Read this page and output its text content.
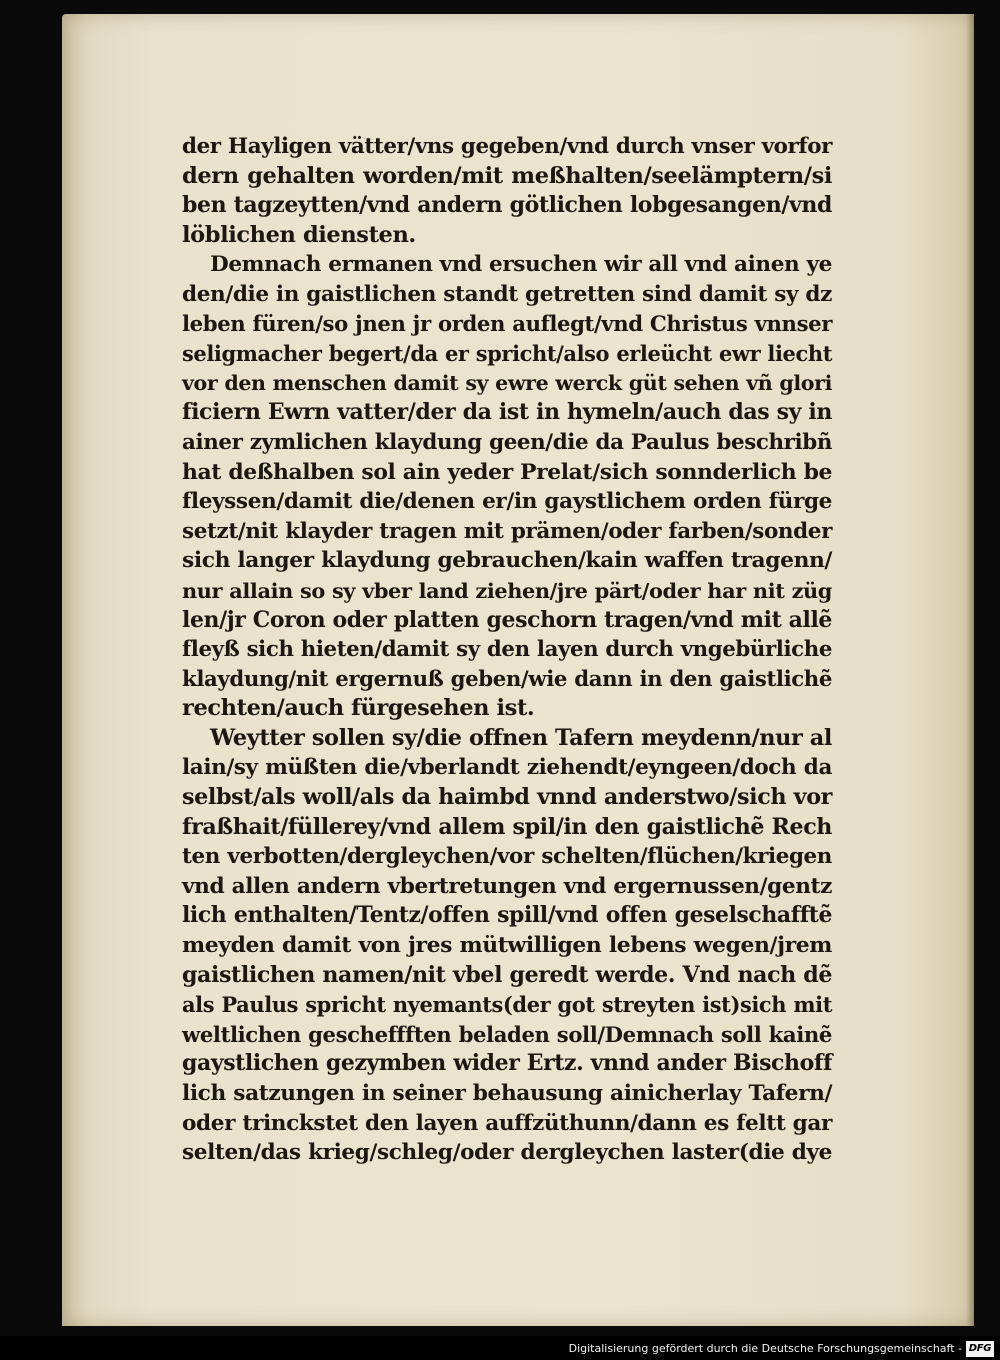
der Hayligen vätter/vns gegeben/vnd durch vnser vorfor
dern gehalten worden/mit meßhalten/seelämptern/si
ben tagzeytten/vnd andern götlichen lobgesangen/vnd
löblichen diensten.
Demnach ermanen vnd ersuchen wir all vnd ainen ye
den/die in gaistlichen standt getretten sind damit sy dz
leben füren/so jnen jr orden auflegt/vnd Christus vnnser
seligmacher begert/da er spricht/also erleücht ewr liecht
vor den menschen damit sy ewre werck güt sehen vñ glori
ficiern Ewrn vatter/der da ist in hymeln/auch das sy in
ainer zymlichen klaydung geen/die da Paulus beschribñ
hat deßhalben sol ain yeder Prelat/sich sonnderlich be
fleyssen/damit die/denen er/in gaystlichem orden fürge
setzt/nit klayder tragen mit prämen/oder farben/sonder
sich langer klaydung gebrauchen/kain waffen tragenn/
nur allain so sy vber land ziehen/jre pärt/oder har nit züg
len/jr Coron oder platten geschorn tragen/vnd mit allẽ
fleyß sich hieten/damit sy den layen durch vngebürliche
klaydung/nit ergernuß geben/wie dann in den gaistlichẽ
rechten/auch fürgesehen ist.
Weytter sollen sy/die offnen Tafern meydenn/nur al
lain/sy müßten die/vberlandt ziehendt/eyngeen/doch da
selbst/als woll/als da haimbd vnnd anderstwo/sich vor
fraßhait/füllerey/vnd allem spil/in den gaistlichẽ Rech
ten verbotten/dergleychen/vor schelten/flüchen/kriegen
vnd allen andern vbertretungen vnd ergernussen/gentz
lich enthalten/Tentz/offen spill/vnd offen geselschafftẽ
meyden damit von jres mütwilligen lebens wegen/jrem
gaistlichen namen/nit vbel geredt werde. Vnd nach dẽ
als Paulus spricht nyemants(der got streyten ist)sich mit
weltlichen gescheffften beladen soll/Demnach soll kainẽ
gaystlichen gezymben wider Ertz. vnnd ander Bischoff
lich satzungen in seiner behausung ainicherlay Tafern/
oder trinckstet den layen auffzüthunn/dann es feltt gar
selten/das krieg/schleg/oder dergleychen laster(die dye
Digitalisierung gefördert durch die Deutsche Forschungsgemeinschaft - DFG
